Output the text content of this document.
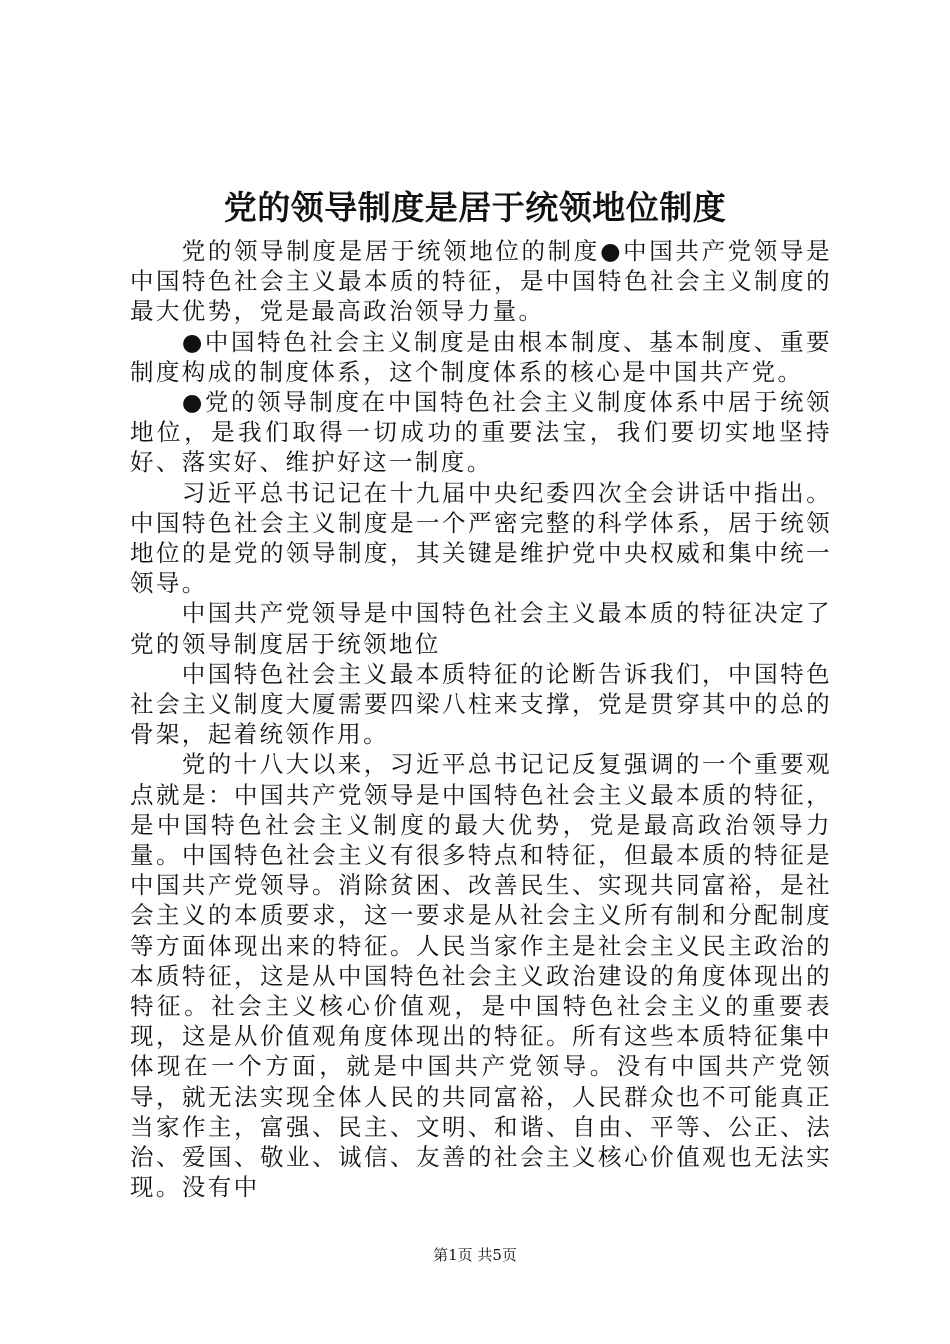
党的领导制度是居于统领地位制度

党的领导制度是居于统领地位的制度●中国共产党领导是中国特色社会主义最本质的特征，是中国特色社会主义制度的最大优势，党是最高政治领导力量。

●中国特色社会主义制度是由根本制度、基本制度、重要制度构成的制度体系，这个制度体系的核心是中国共产党。

●党的领导制度在中国特色社会主义制度体系中居于统领地位，是我们取得一切成功的重要法宝，我们要切实地坚持好、落实好、维护好这一制度。

习近平总书记记在十九届中央纪委四次全会讲话中指出。中国特色社会主义制度是一个严密完整的科学体系，居于统领地位的是党的领导制度，其关键是维护党中央权威和集中统一领导。

中国共产党领导是中国特色社会主义最本质的特征决定了党的领导制度居于统领地位

中国特色社会主义最本质特征的论断告诉我们，中国特色社会主义制度大厦需要四梁八柱来支撑，党是贯穿其中的总的骨架，起着统领作用。

党的十八大以来，习近平总书记记反复强调的一个重要观点就是：中国共产党领导是中国特色社会主义最本质的特征，是中国特色社会主义制度的最大优势，党是最高政治领导力量。中国特色社会主义有很多特点和特征，但最本质的特征是中国共产党领导。消除贫困、改善民生、实现共同富裕，是社会主义的本质要求，这一要求是从社会主义所有制和分配制度等方面体现出来的特征。人民当家作主是社会主义民主政治的本质特征，这是从中国特色社会主义政治建设的角度体现出的特征。社会主义核心价值观，是中国特色社会主义的重要表现，这是从价值观角度体现出的特征。所有这些本质特征集中体现在一个方面，就是中国共产党领导。没有中国共产党领导，就无法实现全体人民的共同富裕，人民群众也不可能真正当家作主，富强、民主、文明、和谐、自由、平等、公正、法治、爱国、敬业、诚信、友善的社会主义核心价值观也无法实现。没有中

第1页 共5页
